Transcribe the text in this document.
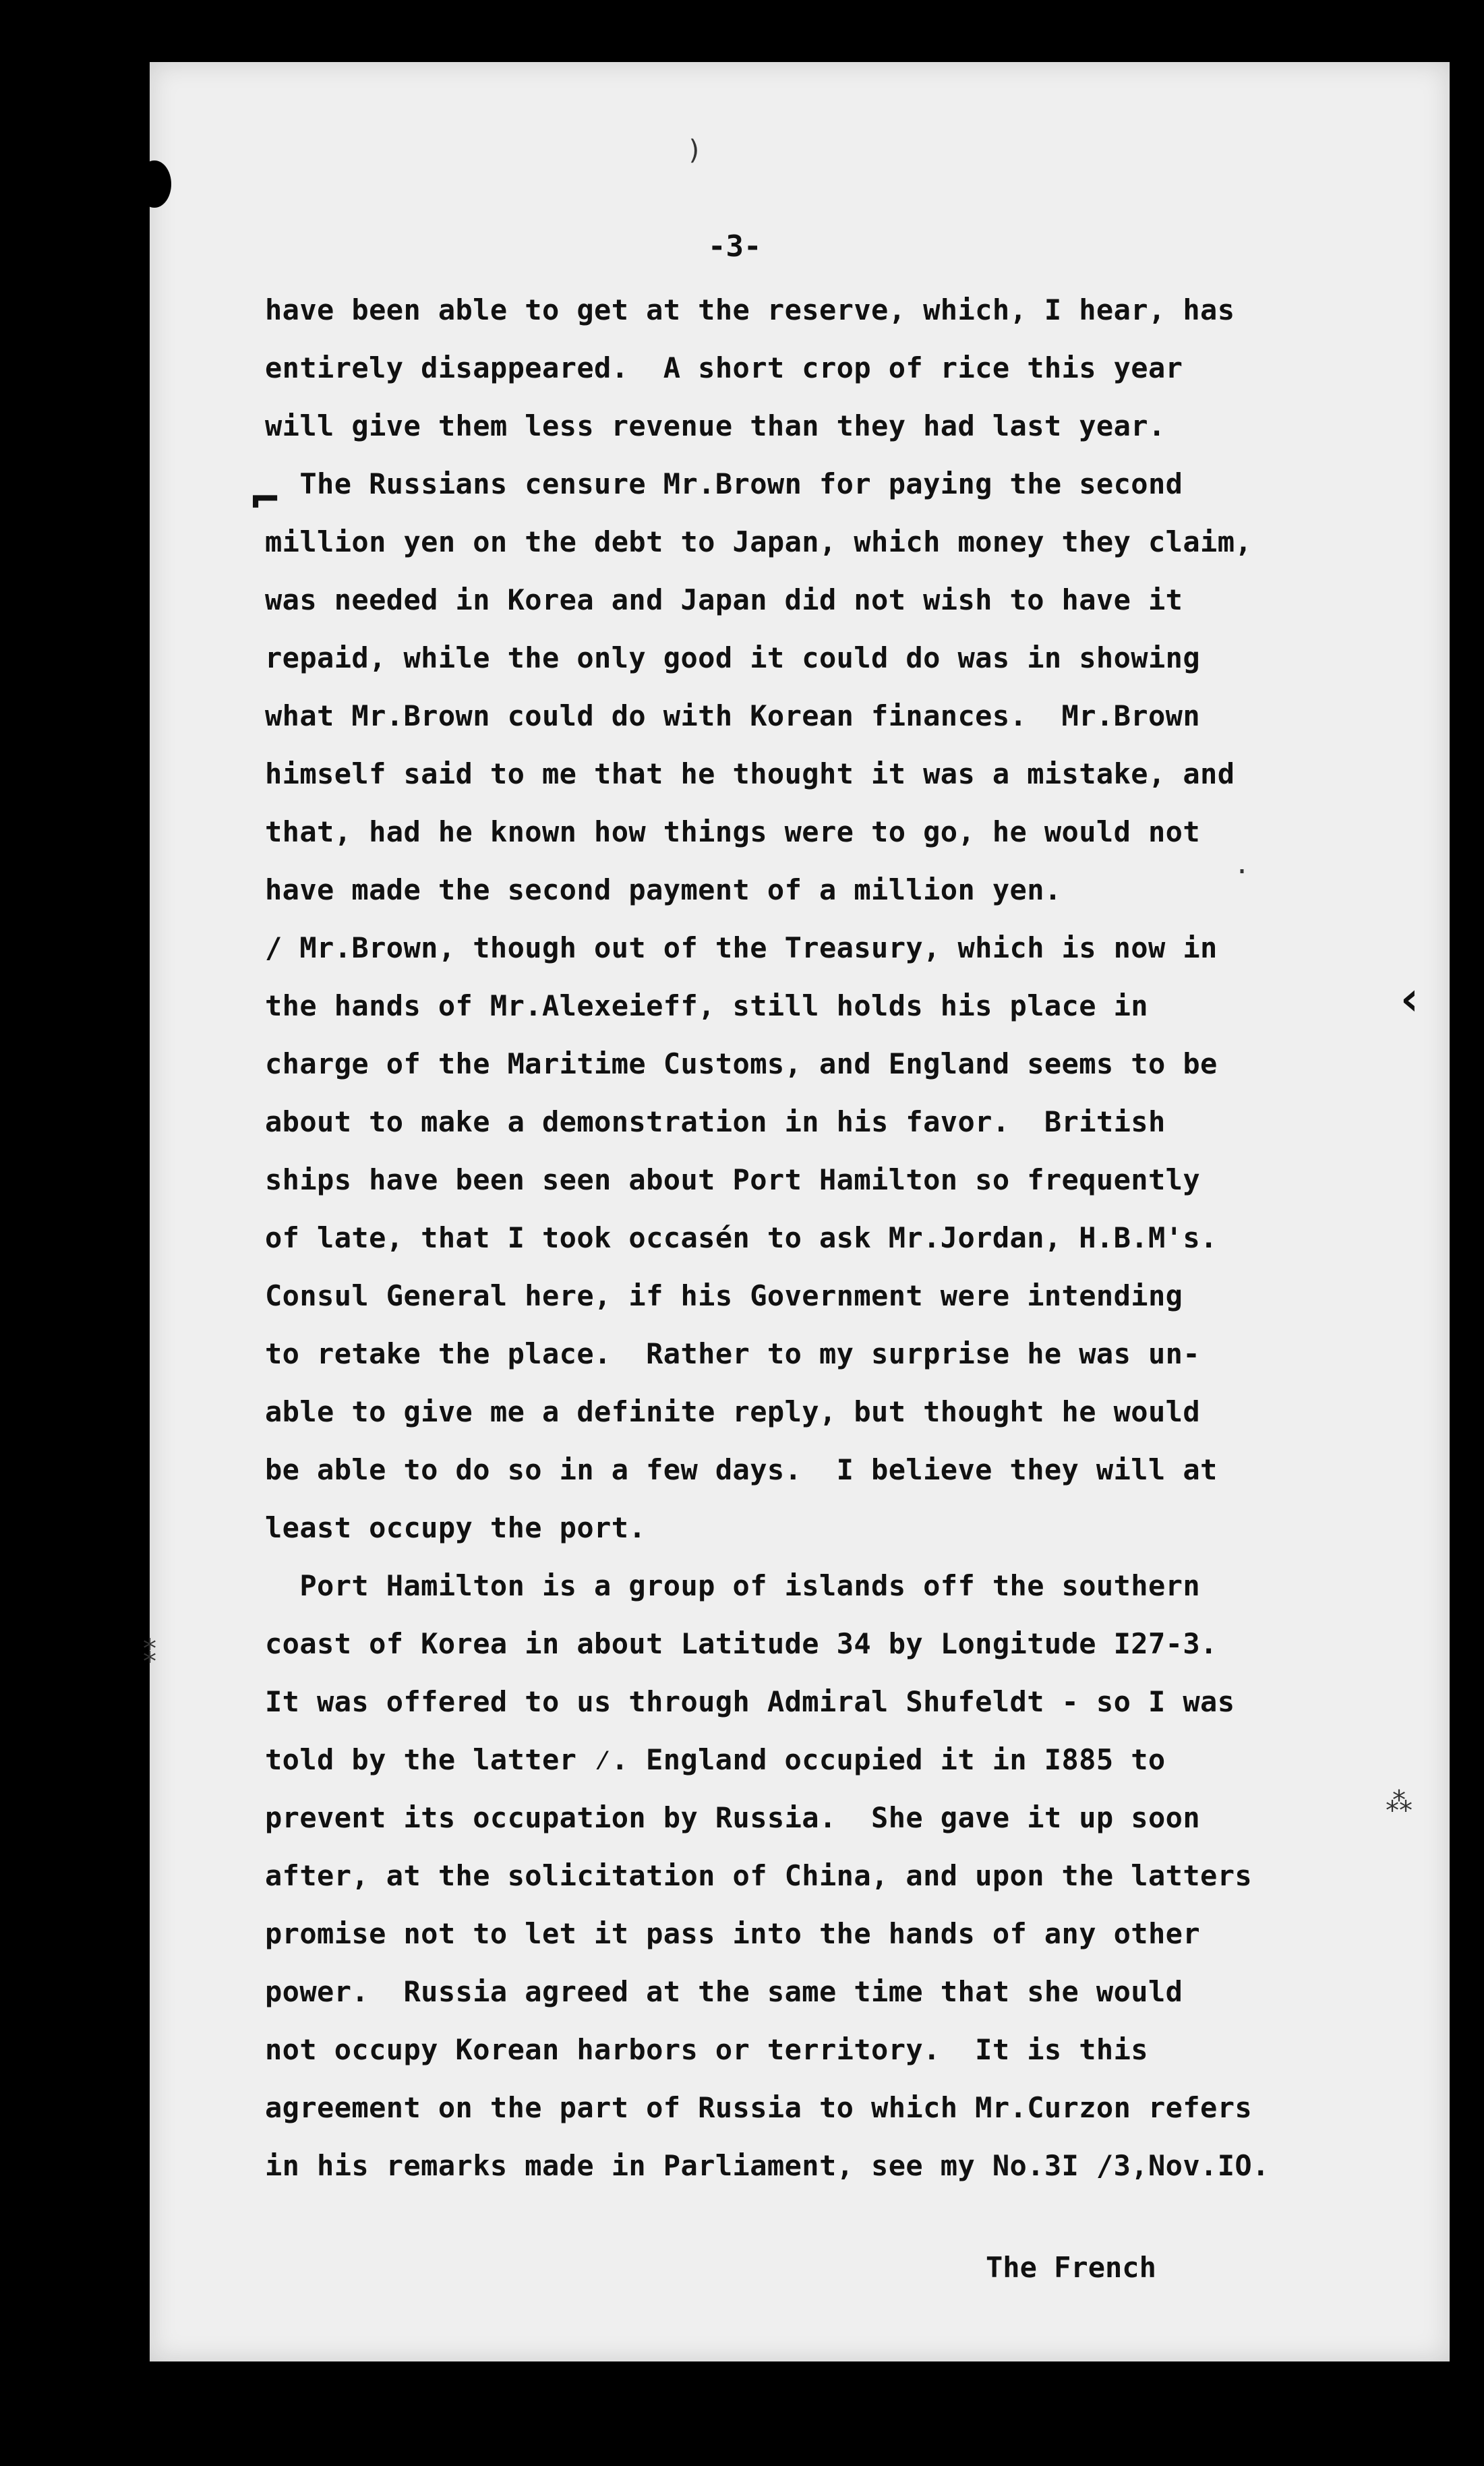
-3-
have been able to get at the reserve, which, I hear, has
entirely disappeared.  A short crop of rice this year
will give them less revenue than they had last year.
The Russians censure Mr.Brown for paying the second
million yen on the debt to Japan, which money they claim,
was needed in Korea and Japan did not wish to have it
repaid, while the only good it could do was in showing
what Mr.Brown could do with Korean finances.  Mr.Brown
himself said to me that he thought it was a mistake, and
that, had he known how things were to go, he would not
have made the second payment of a million yen.
/ Mr.Brown, though out of the Treasury, which is now in
the hands of Mr.Alexeieff, still holds his place in
charge of the Maritime Customs, and England seems to be
about to make a demonstration in his favor.  British
ships have been seen about Port Hamilton so frequently
of late, that I took occasén to ask Mr.Jordan, H.B.M's.
Consul General here, if his Government were intending
to retake the place.  Rather to my surprise he was un-
able to give me a definite reply, but thought he would
be able to do so in a few days.  I believe they will at
least occupy the port.
Port Hamilton is a group of islands off the southern
coast of Korea in about Latitude 34 by Longitude I27-3.
It was offered to us through Admiral Shufeldt - so I was
told by the latter ⁄. England occupied it in I885 to
prevent its occupation by Russia.  She gave it up soon
after, at the solicitation of China, and upon the latters
promise not to let it pass into the hands of any other
power.  Russia agreed at the same time that she would
not occupy Korean harbors or territory.  It is this
agreement on the part of Russia to which Mr.Curzon refers
in his remarks made in Parliament, see my No.3I /3,Nov.IO.
The French
⌐
‹
)
⁑
⁂
·
